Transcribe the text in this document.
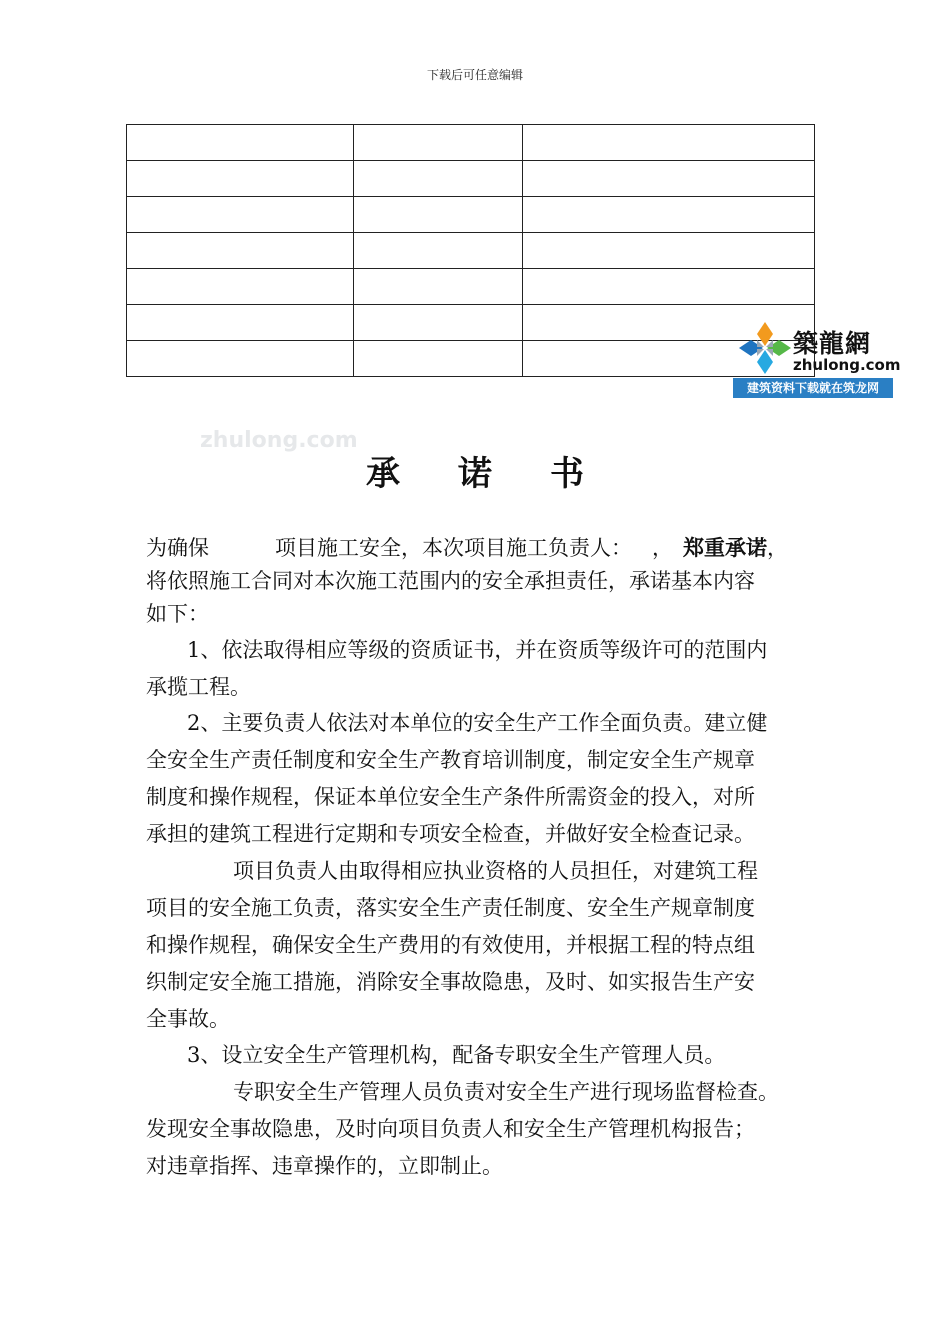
下载后可任意编辑

築龍網
zhulong.com
建筑资料下载就在筑龙网
zhulong.com
承诺书
为确保	项目施工安全，本次项目施工负责人： ， 郑重承诺，
将依照施工合同对本次施工范围内的安全承担责任，承诺基本内容
如下：
1、依法取得相应等级的资质证书，并在资质等级许可的范围内
承揽工程。
2、主要负责人依法对本单位的安全生产工作全面负责。建立健
全安全生产责任制度和安全生产教育培训制度，制定安全生产规章
制度和操作规程，保证本单位安全生产条件所需资金的投入，对所
承担的建筑工程进行定期和专项安全检查，并做好安全检查记录。
项目负责人由取得相应执业资格的人员担任，对建筑工程
项目的安全施工负责，落实安全生产责任制度、安全生产规章制度
和操作规程，确保安全生产费用的有效使用，并根据工程的特点组
织制定安全施工措施，消除安全事故隐患，及时、如实报告生产安
全事故。
3、设立安全生产管理机构，配备专职安全生产管理人员。
专职安全生产管理人员负责对安全生产进行现场监督检查。
发现安全事故隐患，及时向项目负责人和安全生产管理机构报告；
对违章指挥、违章操作的，立即制止。
